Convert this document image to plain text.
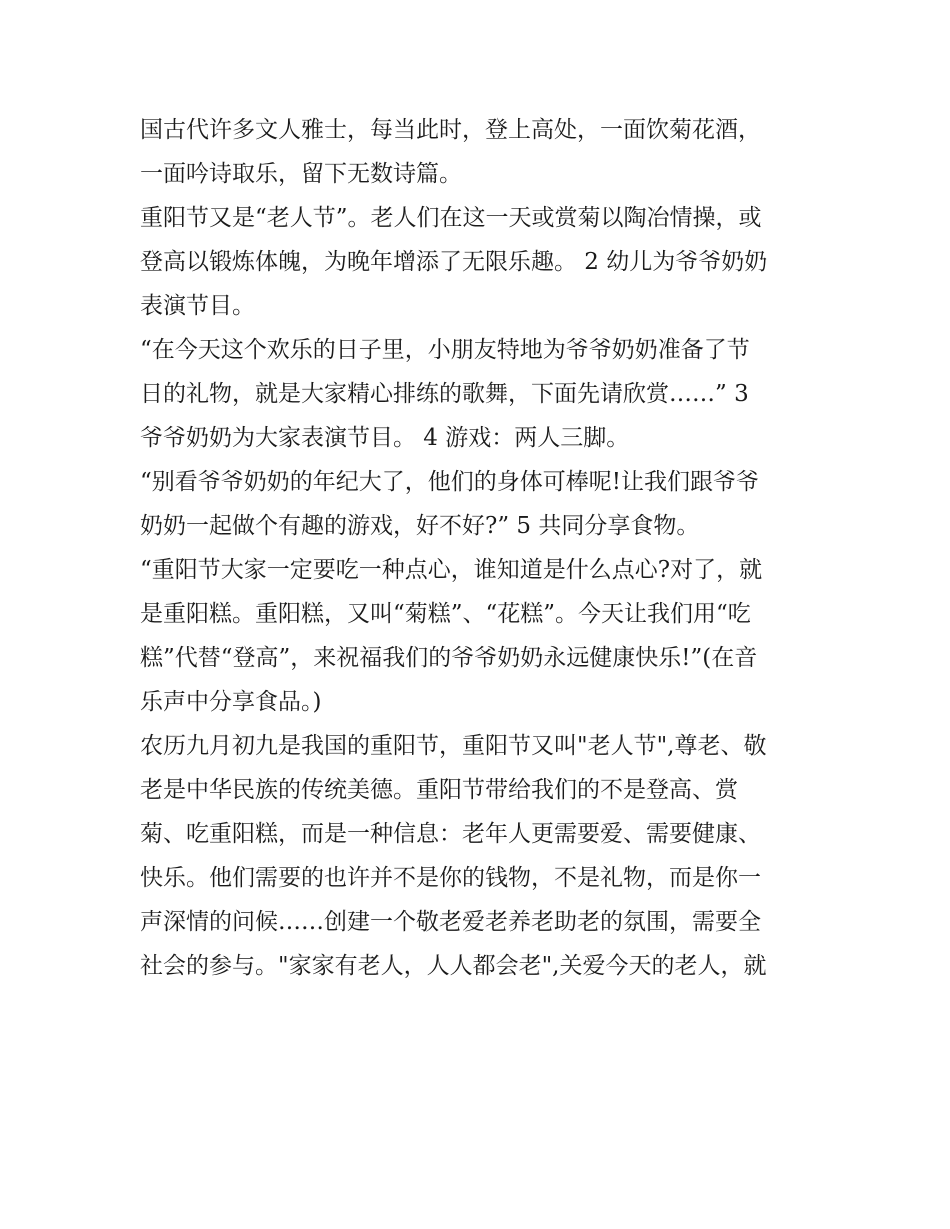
国古代许多文人雅士，每当此时，登上高处，一面饮菊花酒，
一面吟诗取乐，留下无数诗篇。
重阳节又是“老人节”。老人们在这一天或赏菊以陶冶情操，或
登高以锻炼体魄，为晚年增添了无限乐趣。 2 幼儿为爷爷奶奶
表演节目。
“在今天这个欢乐的日子里，小朋友特地为爷爷奶奶准备了节
日的礼物，就是大家精心排练的歌舞，下面先请欣赏……” 3
爷爷奶奶为大家表演节目。 4 游戏：两人三脚。
“别看爷爷奶奶的年纪大了，他们的身体可棒呢!让我们跟爷爷
奶奶一起做个有趣的游戏，好不好?” 5 共同分享食物。
“重阳节大家一定要吃一种点心，谁知道是什么点心?对了，就
是重阳糕。重阳糕，又叫“菊糕”、“花糕”。今天让我们用“吃
糕”代替“登高”，来祝福我们的爷爷奶奶永远健康快乐!”(在音
乐声中分享食品。)
农历九月初九是我国的重阳节，重阳节又叫"老人节",尊老、敬
老是中华民族的传统美德。重阳节带给我们的不是登高、赏
菊、吃重阳糕，而是一种信息：老年人更需要爱、需要健康、
快乐。他们需要的也许并不是你的钱物，不是礼物，而是你一
声深情的问候……创建一个敬老爱老养老助老的氛围，需要全
社会的参与。"家家有老人，人人都会老",关爱今天的老人，就
